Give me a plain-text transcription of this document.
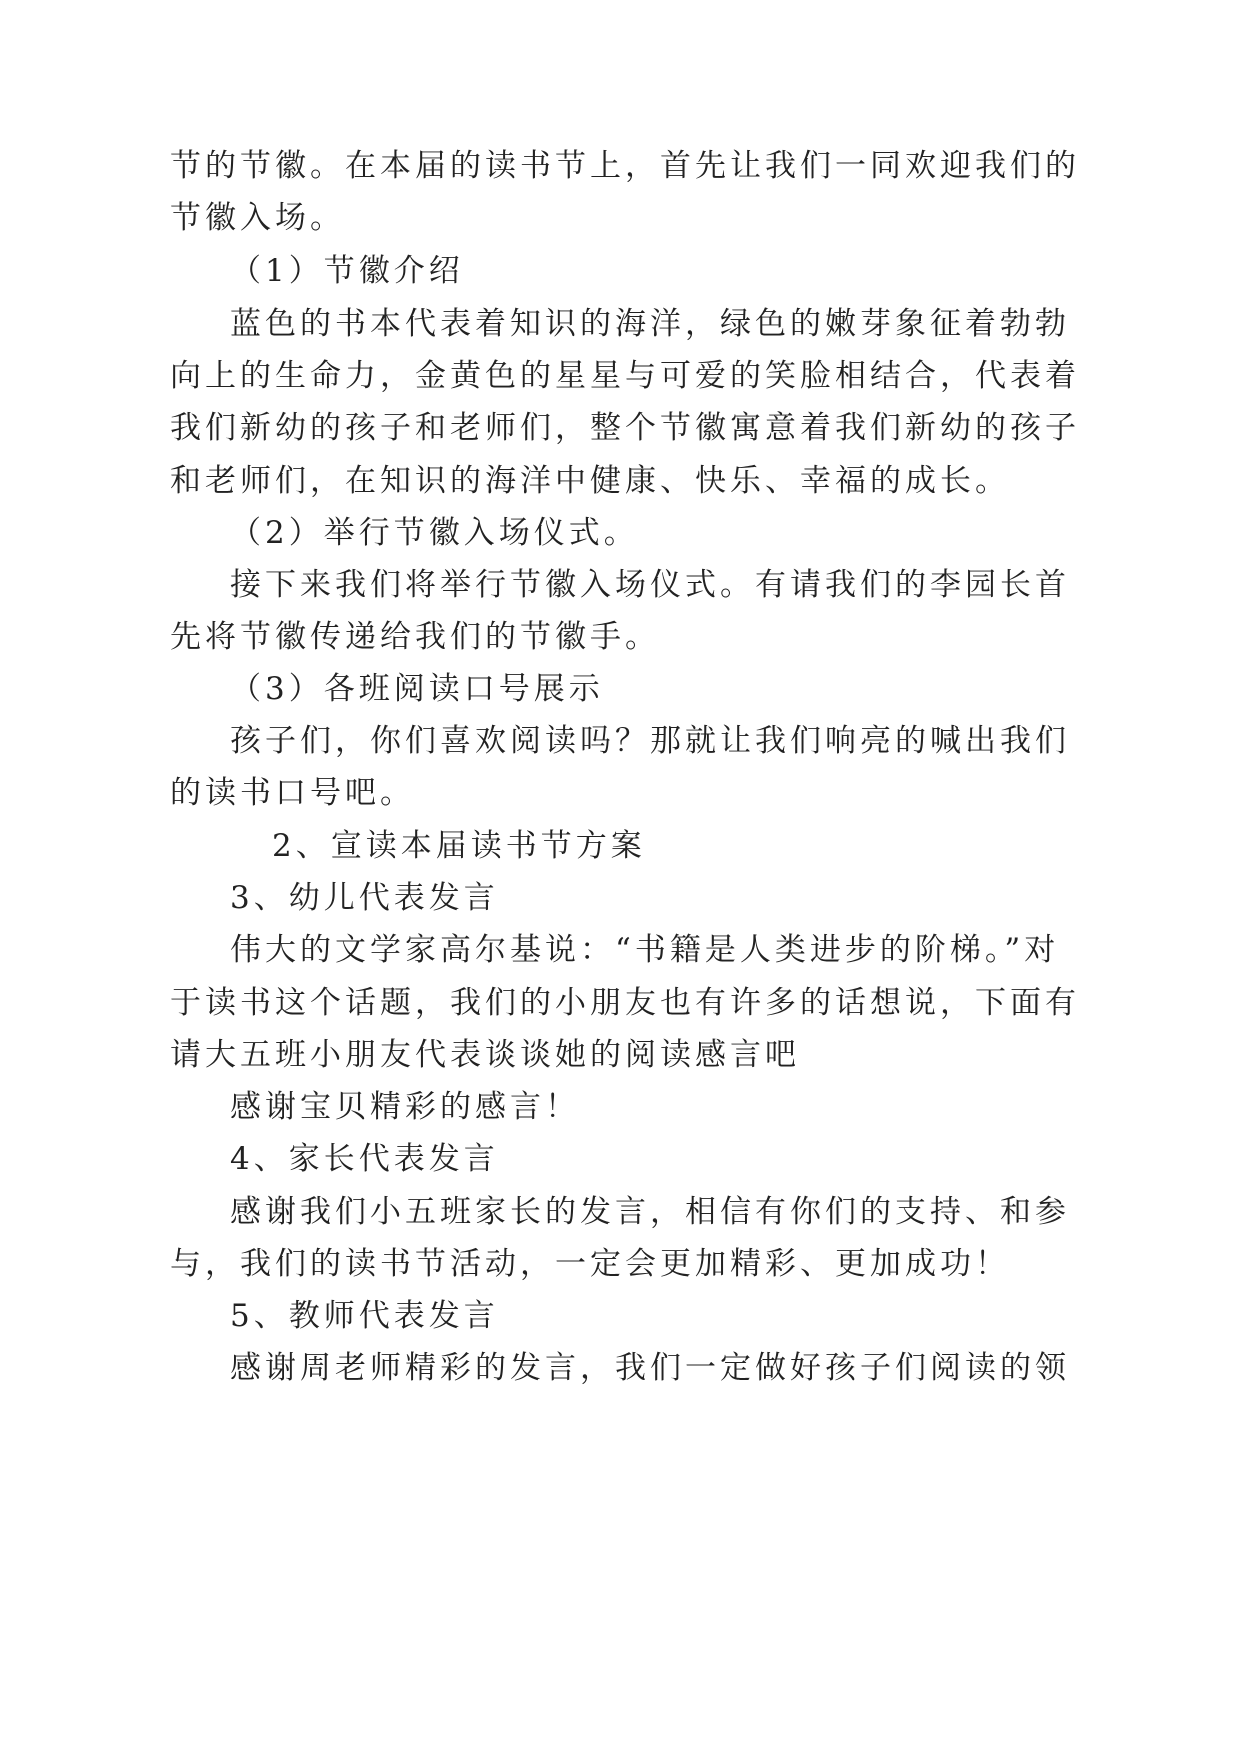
节的节徽。在本届的读书节上，首先让我们一同欢迎我们的
节徽入场。
（1）节徽介绍
蓝色的书本代表着知识的海洋，绿色的嫩芽象征着勃勃
向上的生命力，金黄色的星星与可爱的笑脸相结合，代表着
我们新幼的孩子和老师们，整个节徽寓意着我们新幼的孩子
和老师们，在知识的海洋中健康、快乐、幸福的成长。
（2）举行节徽入场仪式。
接下来我们将举行节徽入场仪式。有请我们的李园长首
先将节徽传递给我们的节徽手。
（3）各班阅读口号展示
孩子们，你们喜欢阅读吗？那就让我们响亮的喊出我们
的读书口号吧。
2、宣读本届读书节方案
3、幼儿代表发言
伟大的文学家高尔基说：“书籍是人类进步的阶梯。”对
于读书这个话题，我们的小朋友也有许多的话想说，下面有
请大五班小朋友代表谈谈她的阅读感言吧
感谢宝贝精彩的感言！
4、家长代表发言
感谢我们小五班家长的发言，相信有你们的支持、和参
与，我们的读书节活动，一定会更加精彩、更加成功！
5、教师代表发言
感谢周老师精彩的发言，我们一定做好孩子们阅读的领
